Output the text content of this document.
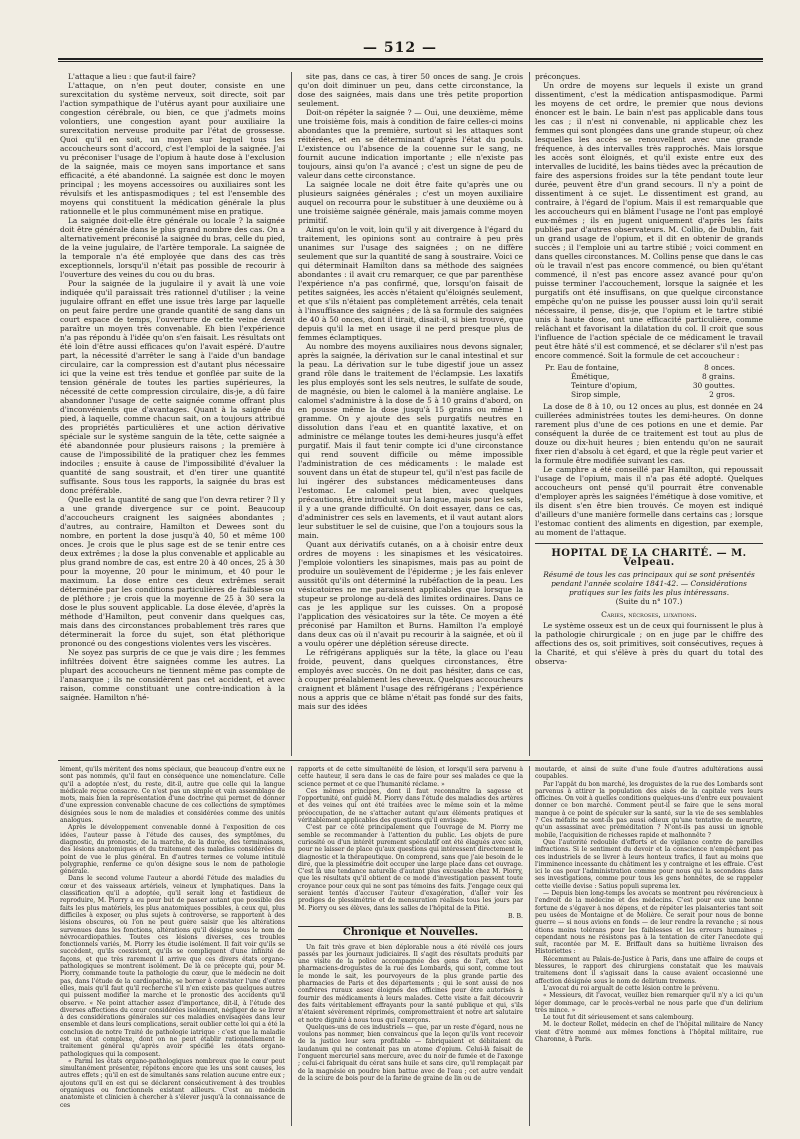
— 512 —

L'attaque a lieu : que faut-il faire?

L'attaque, on n'en peut douter, consiste en une surexcitation du système nerveux, soit directe, soit par l'action sympathique de l'utérus ayant pour auxiliaire une congestion cérébrale, ou bien, ce que j'admets moins volontiers, une congestion ayant pour auxiliaire la surexcitation nerveuse produite par l'état de grossesse. Quoi qu'il en soit, un moyen sur lequel tous les accoucheurs sont d'accord, c'est l'emploi de la saignée. J'ai vu préconiser l'usage de l'opium à haute dose à l'exclusion de la saignée, mais ce moyen sans importance et sans efficacité, a été abandonné. La saignée est donc le moyen principal ; les moyens accessoires ou auxiliaires sont les révulsifs et les antispasmodiques ; tel est l'ensemble des moyens qui constituent la médication générale la plus rationnelle et le plus communément mise en pratique.

La saignée doit-elle être générale ou locale ? la saignée doit être générale dans le plus grand nombre des cas. On a alternativement préconisé la saignée du bras, celle du pied, de la veine jugulaire, de l'artère temporale. La saignée de la temporale n'a été employée que dans des cas très exceptionnels, lorsqu'il n'était pas possible de recourir à l'ouverture des veines du cou ou du bras.

Pour la saignée de la jugulaire il y avait là une voie indiquée qu'il paraissait très rationnel d'utiliser ; la veine jugulaire offrant en effet une issue très large par laquelle on peut faire perdre une grande quantité de sang dans un court espace de temps, l'ouverture de cette veine devait paraître un moyen très convenable. Eh bien l'expérience n'a pas répondu à l'idée qu'on s'en faisait. Les résultats ont été loin d'être aussi efficaces qu'on l'avait espéré. D'autre part, la nécessité d'arrêter le sang à l'aide d'un bandage circulaire, car la compression est d'autant plus nécessaire ici que la veine est très tendue et gonflée par suite de la tension générale de toutes les parties supérieures, la nécessité de cette compression circulaire, dis-je, a dû faire abandonner l'usage de cette saignée comme offrant plus d'inconvénients que d'avantages. Quant à la saignée du pied, à laquelle, comme chacun sait, on a toujours attribué des propriétés particulières et une action dérivative spéciale sur le système sanguin de la tête, cette saignée a été abandonnée pour plusieurs raisons ; la première à cause de l'impossibilité de la pratiquer chez les femmes indociles ; ensuite à cause de l'impossibilité d'évaluer la quantité de sang soustrait, et d'en tirer une quantité suffisante. Sous tous les rapports, la saignée du bras est donc préférable.

Quelle est la quantité de sang que l'on devra retirer ? Il y a une grande divergence sur ce point. Beaucoup d'accoucheurs craignent les saignées abondantes ; d'autres, au contraire, Hamilton et Dewees sont du nombre, en portent la dose jusqu'à 40, 50 et même 100 onces. Je crois que le plus sage est de se tenir entre ces deux extrêmes ; la dose la plus convenable et applicable au plus grand nombre de cas, est entre 20 à 40 onces, 25 à 30 pour la moyenne, 20 pour le minimum, et 40 pour le maximum. La dose entre ces deux extrêmes serait déterminée par les conditions particulières de faiblesse ou de pléthore ; je crois que la moyenne de 25 à 30 sera la dose le plus souvent applicable. La dose élevée, d'après la méthode d'Hamilton, peut convenir dans quelques cas, mais dans des circonstances probablement très rares que déterminerait la force du sujet, son état pléthorique prononcé ou des congestions violentes vers les viscères.

Ne soyez pas surpris de ce que je vais dire ; les femmes infiltrées doivent être saignées comme les autres. La plupart des accoucheurs ne tiennent même pas compte de l'anasarque ; ils ne considèrent pas cet accident, et avec raison, comme constituant une contre-indication à la saignée. Hamilton n'hé-

site pas, dans ce cas, à tirer 50 onces de sang. Je crois qu'on doit diminuer un peu, dans cette circonstance, la dose des saignées, mais dans une très petite proportion seulement.

Doit-on répéter la saignée ? — Oui, une deuxième, même une troisième fois, mais à condition de faire celles-ci moins abondantes que la première, surtout si les attaques sont réitérées, et en se déterminant d'après l'état du pouls. L'existence ou l'absence de la couenne sur le sang, ne fournit aucune indication importante ; elle n'existe pas toujours, ainsi qu'on l'a avancé ; c'est un signe de peu de valeur dans cette circonstance.

La saignée locale ne doit être faite qu'après une ou plusieurs saignées générales ; c'est un moyen auxiliaire auquel on recourra pour le substituer à une deuxième ou à une troisième saignée générale, mais jamais comme moyen primitif.

Ainsi qu'on le voit, loin qu'il y ait divergence à l'égard du traitement, les opinions sont au contraire à peu près unanimes sur l'usage des saignées ; on ne diffère seulement que sur la quantité de sang à soustraire. Voici ce qui déterminait Hamilton dans sa méthode des saignées abondantes : il avait cru remarquer, ce que par parenthèse l'expérience n'a pas confirmé, que, lorsqu'on faisait de petites saignées, les accès n'étaient qu'éloignés seulement, et que s'ils n'étaient pas complètement arrêtés, cela tenait à l'insuffisance des saignées ; de là sa formule des saignées de 40 à 50 onces, dont il tirait, disait-il, si bien trouvé, que depuis qu'il la met en usage il ne perd presque plus de femmes éclamptiques.

Au nombre des moyens auxiliaires nous devons signaler, après la saignée, la dérivation sur le canal intestinal et sur la peau. La dérivation sur le tube digestif joue un assez grand rôle dans le traitement de l'éclampsie. Les laxatifs les plus employés sont les sels neutres, le sulfate de soude, de magnésie, ou bien le calomel à la manière anglaise. Le calomel s'administre à la dose de 5 à 10 grains d'abord, on en pousse même la dose jusqu'à 15 grains ou même 1 gramme. On y ajoute des sels purgatifs neutres en dissolution dans l'eau et en quantité laxative, et on administre ce mélange toutes les demi-heures jusqu'à effet purgatif. Mais il faut tenir compte ici d'une circonstance qui rend souvent difficile ou même impossible l'administration de ces médicaments : le malade est souvent dans un état de stupeur tel, qu'il n'est pas facile de lui ingérer des substances médicamenteuses dans l'estomac. Le calomel peut bien, avec quelques précautions, être introduit sur la langue, mais pour les sels, il y a une grande difficulté. On doit essayer, dans ce cas, d'administrer ces sels en lavements, et il vaut autant alors leur substituer le sel de cuisine, que l'on a toujours sous la main.

Quant aux dérivatifs cutanés, on a à choisir entre deux ordres de moyens : les sinapismes et les vésicatoires. J'emploie volontiers les sinapismes, mais pas au point de produire un soulèvement de l'épiderme ; je les fais enlever aussitôt qu'ils ont déterminé la rubéfaction de la peau. Les vésicatoires ne me paraissent applicables que lorsque la stupeur se prolonge au-delà des limites ordinaires. Dans ce cas je les applique sur les cuisses. On a proposé l'application des vésicatoires sur la tête. Ce moyen a été préconisé par Hamilton et Burns. Hamilton l'a employé dans deux cas où il n'avait pu recourir à la saignée, et où il a voulu opérer une déplétion séreuse directe.

Le réfrigérans appliqués sur la tête, la glace ou l'eau froide, peuvent, dans quelques circonstances, être employés avec succès. On ne doit pas hésiter, dans ce cas, à couper préalablement les cheveux. Quelques accoucheurs craignent et blâment l'usage des réfrigérans ; l'expérience nous a appris que ce blâme n'était pas fondé sur des faits, mais sur des idées

préconçues.

Un ordre de moyens sur lequels il existe un grand dissentiment, c'est la médication antispasmodique. Parmi les moyens de cet ordre, le premier que nous devions énoncer est le bain. Le bain n'est pas applicable dans tous les cas ; il n'est ni convenable, ni applicable chez les femmes qui sont plongées dans une grande stupeur, où chez lesquelles les accès se renouvellent avec une grande fréquence, à des intervalles très rapprochés. Mais lorsque les accès sont éloignés, et qu'il existe entre eux des intervalles de lucidité, les bains tièdes avec la précaution de faire des aspersions froides sur la tête pendant toute leur durée, peuvent être d'un grand secours. Il n'y a point de dissentiment à ce sujet. Le dissentiment est grand, au contraire, à l'égard de l'opium. Mais il est remarquable que les accoucheurs qui en blâment l'usage ne l'ont pas employé eux-mêmes ; ils en jugent uniquement d'après les faits publiés par d'autres observateurs. M. Collio, de Dublin, fait un grand usage de l'opium, et il dit en obtenir de grands succès ; il l'emploie uni au tartre stibié ; voici comment en dans quelles circonstances. M. Collins pense que dans le cas où le travail n'est pas encore commencé, ou bien qu'étant commencé, il n'est pas encore assez avancé pour qu'on puisse terminer l'accouchement, lorsque la saignée et les purgatifs ont été insuffisans, on que quelque circonstance empêche qu'on ne puisse les pousser aussi loin qu'il serait nécessaire, il pense, dis-je, que l'opium et le tartre stibié unis à haute dose, ont une efficacité particulière, comme relâchant et favorisant la dilatation du col. Il croit que sous l'influence de l'action spéciale de ce médicament le travail peut être hâté s'il est commencé, et se déclarer s'il n'est pas encore commencé. Soit la formule de cet accoucheur :

Pr. Eau de fontaine,	8 onces.
Émétique,	8 grains.
Teinture d'opium,	30 gouttes.
Sirop simple,	2 gros.

La dose de 8 à 10, ou 12 onces au plus, est donnée en 24 cuillerées administrées toutes les demi-heures. On donne rarement plus d'une de ces potions en une et demie. Par conséquent la durée de ce traitement est tout au plus de douze ou dix-huit heures ; bien entendu qu'on ne saurait fixer rien d'absolu à cet égard, et que la règle peut varier et la formule être modifiée suivant les cas.

Le camphre a été conseillé par Hamilton, qui repoussait l'usage de l'opium, mais il n'a pas été adopté. Quelques accoucheurs ont pensé qu'il pourrait être convenable d'employer après les saignées l'émétique à dose vomitive, et ils disent s'en être bien trouvés. Ce moyen est indiqué d'ailleurs d'une manière formelle dans certains cas ; lorsque l'estomac contient des aliments en digestion, par exemple, au moment de l'attaque.

HOPITAL DE LA CHARITÉ. — M. Velpeau.
Résumé de tous les cas principaux qui se sont présentés pendant l'année scolaire 1841-42. — Considérations pratiques sur les faits les plus intéressans.
(Suite du n° 107.)
Caries, nécroses, luxations.

Le système osseux est un de ceux qui fournissent le plus à la pathologie chirurgicale ; on en juge par le chiffre des affections des os, soit primitives, soit consécutives, reçues à la Charité, et qui s'élève à près du quart du total des observa-

lément, qu'ils méritent des noms spéciaux, que beaucoup d'entre eux ne sont pas nommés, qu'il faut en conséquence une nomenclature. Celle qu'il a adoptée n'est, du reste, dit-il, autre que celle qui la langue médicale reçue consacre. Ce n'est pas un simple et vain assemblage de mots, mais bien la représentation d'une doctrine qui permet de donner d'une expression convenable chacune de ces collections de symptômes désignées sous le nom de maladies et considérées comme des unités analogues.

Après le développement convenable donné à l'exposition de ces idées, l'auteur passe à l'étude des causes, des symptômes, du diagnostic, du pronostic, de la marche, de la durée, des terminaisons, des lésions anatomiques et du traitement des maladies considérées du point de vue le plus général. En d'autres termes ce volume intitulé polygraphie, renferme ce qu'on désigne sous le nom de pathologie générale.

Dans le second volume l'auteur a abordé l'étude des maladies du cœur et des vaisseaux artériels, veineux et lymphatiques. Dans la classification qu'il a adoptée, qu'il serait long et fastidieux de reproduire, M. Piorry a eu pour but de passer autant que possible des faits les plus matériels, les plus anatomiques possibles, à ceux qui, plus difficiles à exposer, ou plus sujets à controverse, se rapportent à des lésions obscures, où l'on ne peut guère saisir que les altérations survenues dans les fonctions, altérations qu'il désigne sous le nom de névrocardiopathies. Toutes ces lésions diverses, ces troubles fonctionnels variés, M. Piorry les étudie isolément. Il fait voir qu'ils se succèdent, qu'ils coexistent, qu'ils se compliquent d'une infinité de façons, et que très rarement il arrive que ces divers états organo-pathologiques se montrent isolément. De là ce précepte qui, pour M. Piorry, commande toute la pathologie du cœur, que le médecin ne doit pas, dans l'étude de la cardiopathie, se borner à constater l'une d'entre elles, mais qu'il faut qu'il recherche s'il n'en existe pas quelques autres qui puissent modifier la marche et le pronostic des accidents qu'il observe. « Ne point attacher assez d'importance, dit-il, à l'étude des diverses affections du cœur considérées isolément, négliger de se livrer à des considérations générales sur ces maladies envisagées dans leur ensemble et dans leurs complications, serait oublier cette loi qui a été la conclusion de notre Traité de pathologie iatrique : c'est que la maladie est un état complexe, dont on ne peut établir rationnellement le traitement général qu'après avoir spécifié les états organo-pathologiques qui la composent.

« Parmi les états organo-pathologiques nombreux que le cœur peut simultanément présenter, répétons encore que les uns sont causes, les autres effets ; qu'il en est de simultanés sans relation aucune entre eux ; ajoutons qu'il en est qui se déclarent consécutivement à des troubles organiques ou fonctionnels existant ailleurs. C'est au médecin anatomiste et clinicien à chercher à s'élever jusqu'à la connaissance de ces

rapports et de cette simultanéité de lésion, et lorsqu'il sera parvenu à cette hauteur, il sera dans le cas de faire pour ses malades ce que la science permet et ce que l'humanité réclame. »

Ces mêmes principes, dont il faut reconnaître la sagesse et l'opportunité, ont guidé M. Piorry dans l'étude des maladies des artères et des veines qui ont été traitées avec le même soin et la même préoccupation, de ne s'attacher autant qu'aux éléments pratiques et véritablement applicables des questions qu'il envisage.

C'est par ce côté principalement que l'ouvrage de M. Piorry me semble se recommander à l'attention du public. Les objets de pure curiosité ou d'un intérêt purement spéculatif ont été élagués avec soin, pour ne laisser de place qu'aux questions qui intéressent directement le diagnostic et la thérapeutique. On comprend, sans que j'aie besoin de le dire, que la plessimétrie doit occuper une large place dans cet ouvrage. C'est là une tendance naturelle d'autant plus excusable chez M. Piorry, que les résultats qu'il obtient de ce mode d'investigation passent toute croyance pour ceux qui ne sont pas témoins des faits. J'engage ceux qui seraient tentés d'accuser l'auteur d'exagération, d'aller voir les prodiges de plessimétrie et de mensuration réalisés tous les jours par M. Piorry ou ses élèves, dans les salles de l'hôpital de la Pitié.

B. B.
Chronique et Nouvelles.

Un fait très grave et bien déplorable nous a été révélé ces jours passés par les journaux judiciaires. Il s'agit des résultats produits par une visite de la police accompagnée des gens de l'art, chez les pharmaciens-droguistes de la rue des Lombards, qui sont, comme tout le monde le sait, les pourvoyeurs de la plus grande partie des pharmacies de Paris et des départements ; qui le sont aussi de nos confrères ruraux assez éloignés des officines pour être autorisés à fournir des médicaments à leurs malades. Cette visite a fait découvrir des faits véritablement effrayants pour la santé publique et qui, s'ils n'étaient sévèrement réprimés, compromettraient et notre art salutaire et notre dignité à nous tous qui l'exerçons.

Quelques-uns de ces industriels — que, par un reste d'égard, nous ne voulons pas nommer, bien convaincus que la leçon qu'ils vont recevoir de la justice leur sera profitable — fabriquaient et débitaient du laudanum qui ne contenait pas un atome d'opium. Celui-là faisait de l'onguent mercuriel sans mercure, avec du noir de fumée et de l'axonge ; celui-ci fabriquait du cérat sans huile et sans cire, qu'il remplaçait par de la magnésie en poudre bien battue avec de l'eau ; cet autre vendait de la sciure de bois pour de la farine de graine de lin ou de

moutarde, et ainsi de suite d'une foule d'autres adultérations aussi coupables.

Par l'appât du bon marché, les droguistes de la rue des Lombards sont parvenus à attirer la population des aisés de la capitale vers leurs officines. On voit à quelles conditions quelques-uns d'entre eux pouvaient donner ce bon marché. Comment peut-il se faire que le sens moral manque à ce point de spéculer sur la santé, sur la vie de ses semblables ? Ces méfaits ne sont-ils pas aussi odieux qu'une tentative de meurtre, qu'un assassinat avec préméditation ? N'ont-ils pas aussi un ignoble mobile, l'acquisition de richesses rapide et malhonnête ?

Que l'autorité redouble d'efforts et de vigilance contre de pareilles infractions. Si le sentiment du devoir et la conscience n'empêchent pas ces industriels de se livrer à leurs honteux trafics, il faut au moins que l'imminence incessante du châtiment les y contraigne et les effraie. C'est ici le cas pour l'administration comme pour nous qui la secondons dans ses investigations, comme pour tous les gens honnêtes, de se rappeler cette vieille devise : Satius populi suprema lex.

— Depuis bien long-temps les avocats se montrent peu révérencieux à l'endroit de la médecine et des médecins. C'est pour eux une bonne fortune de s'égayer à nos dépens, et de répéter les plaisanteries tant soit peu usées de Montaigne et de Molière. Ce serait pour nous de bonne guerre — si nous avions en fonds — de leur rendre la revanche ; si nous étions moins tolérans pour les faiblesses et les erreurs humaines ; cependant nous ne résistons pas à la tentation de citer l'anecdote qui suit, racontée par M. E. Briffault dans sa huitième livraison des Historiettes :

Récemment au Palais-de-Justice à Paris, dans une affaire de coups et blessures, le rapport des chirurgiens constatait que les mauvais traitemens dont il s'agissait dans la cause avaient occasionné une affection désignée sous le nom de delirium tremens.

L'avocat du roi argualt de cette lésion contre le prévenu.

« Messieurs, dit l'avocat, veuillez bien remarquer qu'il n'y a ici qu'un léger dommage, car le procès-verbal ne nous parle que d'un delirium très mince. »

Le tout fut dit sérieusement et sans calembourg.

M. le docteur Rollet, médecin en chef de l'hôpital militaire de Nancy vient d'être nommé aux mêmes fonctions à l'hôpital militaire, rue Charonne, à Paris.
